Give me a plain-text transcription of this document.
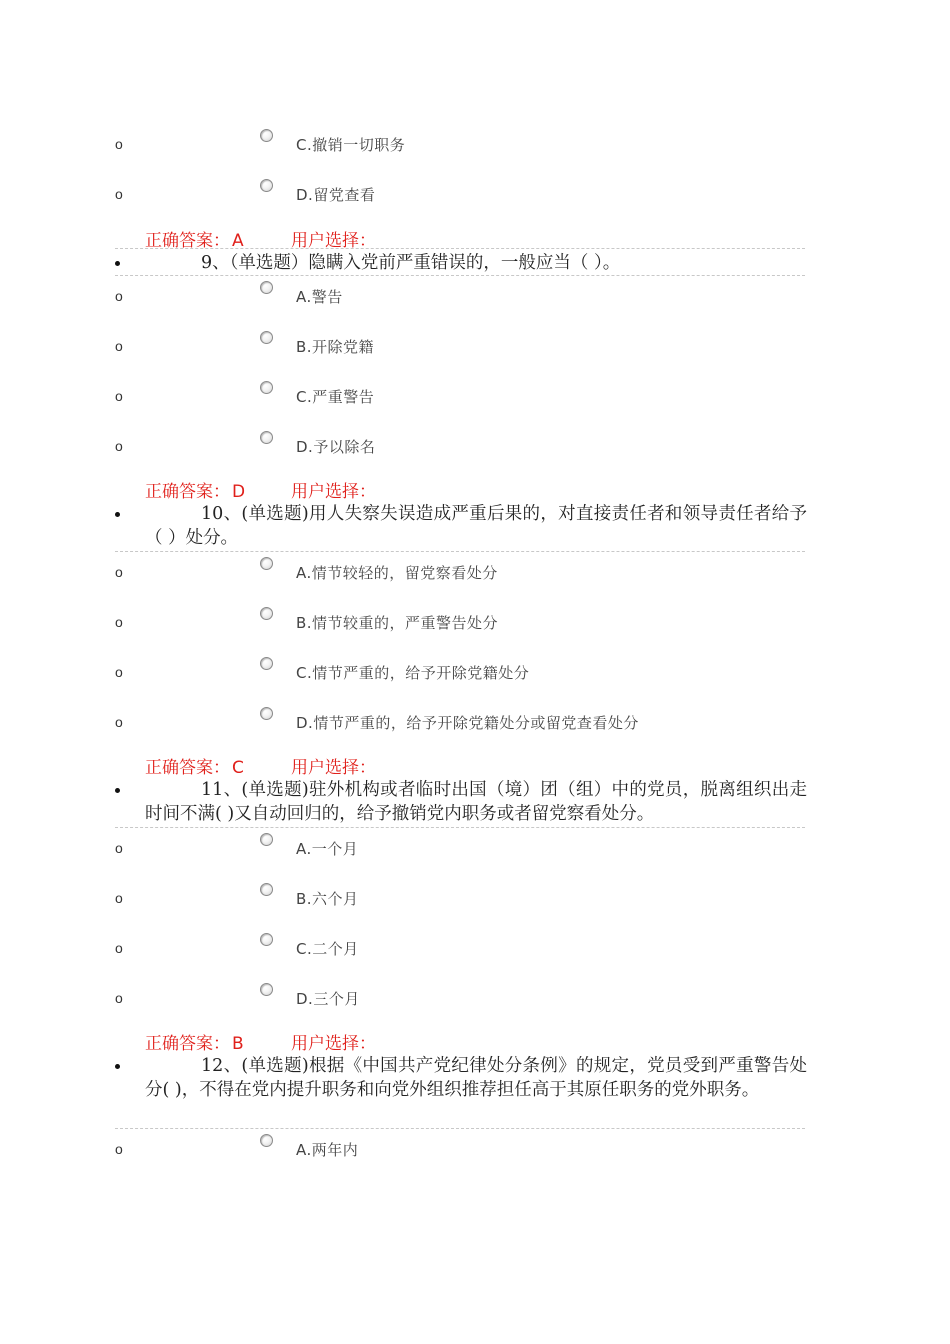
o	C.撤销一切职务
o	D.留党查看
正确答案： A	用户选择：
9、（单选题）隐瞒入党前严重错误的，一般应当（ ）。
o	A.警告
o	B.开除党籍
o	C.严重警告
o	D.予以除名
正确答案： D	用户选择：
10、(单选题)用人失察失误造成严重后果的，对直接责任者和领导责任者给予（ ）处分。
o	A.情节较轻的，留党察看处分
o	B.情节较重的，严重警告处分
o	C.情节严重的，给予开除党籍处分
o	D.情节严重的，给予开除党籍处分或留党查看处分
正确答案： C	用户选择：
11、(单选题)驻外机构或者临时出国（境）团（组）中的党员，脱离组织出走时间不满( )又自动回归的，给予撤销党内职务或者留党察看处分。
o	A.一个月
o	B.六个月
o	C.二个月
o	D.三个月
正确答案： B	用户选择：
12、(单选题)根据《中国共产党纪律处分条例》的规定，党员受到严重警告处分( )，不得在党内提升职务和向党外组织推荐担任高于其原任职务的党外职务。
o	A.两年内
